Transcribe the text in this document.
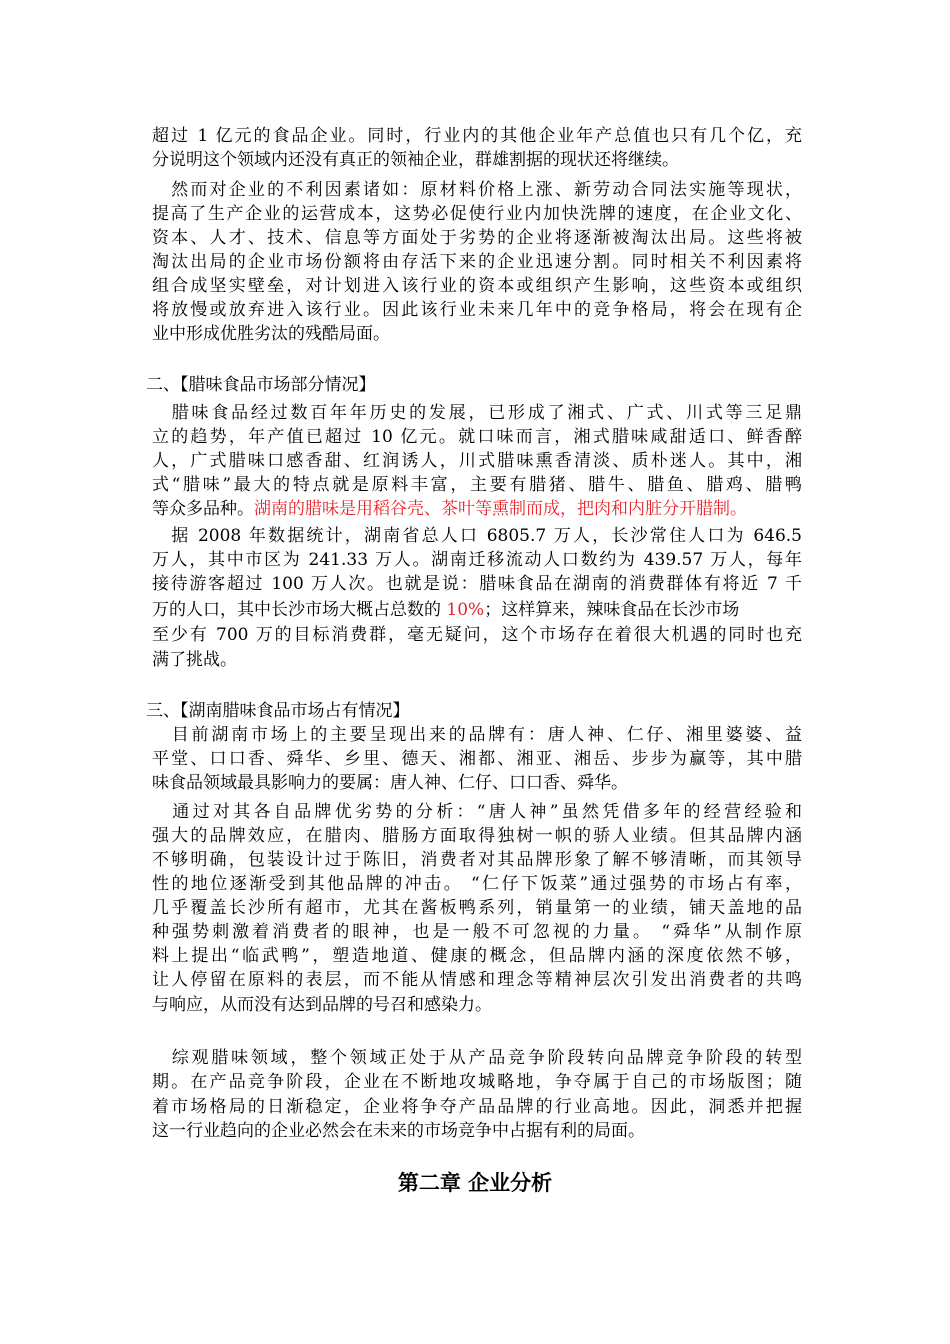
超过 1 亿元的食品企业。同时，行业内的其他企业年产总值也只有几个亿，充
分说明这个领域内还没有真正的领袖企业，群雄割据的现状还将继续。
　然而对企业的不利因素诸如：原材料价格上涨、新劳动合同法实施等现状，
提高了生产企业的运营成本，这势必促使行业内加快洗牌的速度，在企业文化、
资本、人才、技术、信息等方面处于劣势的企业将逐渐被淘汰出局。这些将被
淘汰出局的企业市场份额将由存活下来的企业迅速分割。同时相关不利因素将
组合成坚实壁垒，对计划进入该行业的资本或组织产生影响，这些资本或组织
将放慢或放弃进入该行业。因此该行业未来几年中的竞争格局，将会在现有企
业中形成优胜劣汰的残酷局面。
二、【腊味食品市场部分情况】
　腊味食品经过数百年年历史的发展，已形成了湘式、广式、川式等三足鼎
立的趋势，年产值已超过 10 亿元。就口味而言，湘式腊味咸甜适口、鲜香醉
人，广式腊味口感香甜、红润诱人，川式腊味熏香清淡、质朴迷人。其中，湘
式“腊味”最大的特点就是原料丰富，主要有腊猪、腊牛、腊鱼、腊鸡、腊鸭
等众多品种。湖南的腊味是用稻谷壳、茶叶等熏制而成，把肉和内脏分开腊制。
　据 2008 年数据统计，湖南省总人口 6805.7 万人，长沙常住人口为 646.5
万人，其中市区为 241.33 万人。湖南迁移流动人口数约为 439.57 万人，每年
接待游客超过 100 万人次。也就是说：腊味食品在湖南的消费群体有将近 7 千
万的人口，其中长沙市场大概占总数的 10%；这样算来，辣味食品在长沙市场
至少有 700 万的目标消费群，毫无疑问，这个市场存在着很大机遇的同时也充
满了挑战。
三、【湖南腊味食品市场占有情况】
　目前湖南市场上的主要呈现出来的品牌有：唐人神、仁仔、湘里婆婆、益
平堂、口口香、舜华、乡里、德天、湘都、湘亚、湘岳、步步为赢等，其中腊
味食品领域最具影响力的要属：唐人神、仁仔、口口香、舜华。
　通过对其各自品牌优劣势的分析：“唐人神”虽然凭借多年的经营经验和
强大的品牌效应，在腊肉、腊肠方面取得独树一帜的骄人业绩。但其品牌内涵
不够明确，包装设计过于陈旧，消费者对其品牌形象了解不够清晰，而其领导
性的地位逐渐受到其他品牌的冲击。 “仁仔下饭菜”通过强势的市场占有率，
几乎覆盖长沙所有超市，尤其在酱板鸭系列，销量第一的业绩，铺天盖地的品
种强势刺激着消费者的眼神，也是一般不可忽视的力量。 “舜华”从制作原
料上提出“临武鸭”，塑造地道、健康的概念，但品牌内涵的深度依然不够，
让人停留在原料的表层，而不能从情感和理念等精神层次引发出消费者的共鸣
与响应，从而没有达到品牌的号召和感染力。
　综观腊味领域，整个领域正处于从产品竞争阶段转向品牌竞争阶段的转型
期。在产品竞争阶段，企业在不断地攻城略地，争夺属于自己的市场版图；随
着市场格局的日渐稳定，企业将争夺产品品牌的行业高地。因此，洞悉并把握
这一行业趋向的企业必然会在未来的市场竞争中占据有利的局面。
第二章 企业分析
